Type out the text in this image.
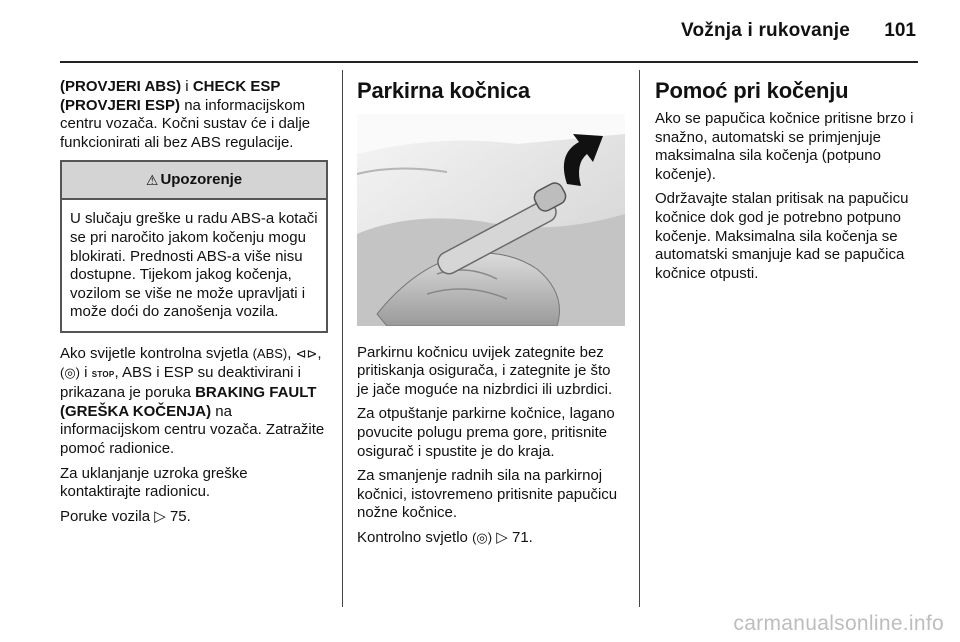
Vožnja i rukovanje 101

(PROVJERI ABS) i CHECK ESP (PROVJERI ESP) na informacijskom centru vozača. Kočni sustav će i dalje funkcionirati ali bez ABS regulacije.

⚠ Upozorenje
U slučaju greške u radu ABS-a kotači se pri naročito jakom kočenju mogu blokirati. Prednosti ABS-a više nisu dostupne. Tijekom jakog kočenja, vozilom se više ne može upravljati i može doći do zanošenja vozila.

Ako svijetle kontrolna svjetla (ABS), ⊲⊳, (◎) i STOP, ABS i ESP su deaktivirani i prikazana je poruka BRAKING FAULT (GREŠKA KOČENJA) na informacijskom centru vozača. Zatražite pomoć radionice.

Za uklanjanje uzroka greške kontaktirajte radionicu.

Poruke vozila ▷ 75.

Parkirna kočnica

Parkirnu kočnicu uvijek zategnite bez pritiskanja osigurača, i zategnite je što je jače moguće na nizbrdici ili uzbrdici.

Za otpuštanje parkirne kočnice, lagano povucite polugu prema gore, pritisnite osigurač i spustite je do kraja.

Za smanjenje radnih sila na parkirnoj kočnici, istovremeno pritisnite papučicu nožne kočnice.

Kontrolno svjetlo (◎) ▷ 71.

Pomoć pri kočenju

Ako se papučica kočnice pritisne brzo i snažno, automatski se primjenjuje maksimalna sila kočenja (potpuno kočenje).

Održavajte stalan pritisak na papučicu kočnice dok god je potrebno potpuno kočenje. Maksimalna sila kočenja se automatski smanjuje kad se papučica kočnice otpusti.

carmanualsonline.info
